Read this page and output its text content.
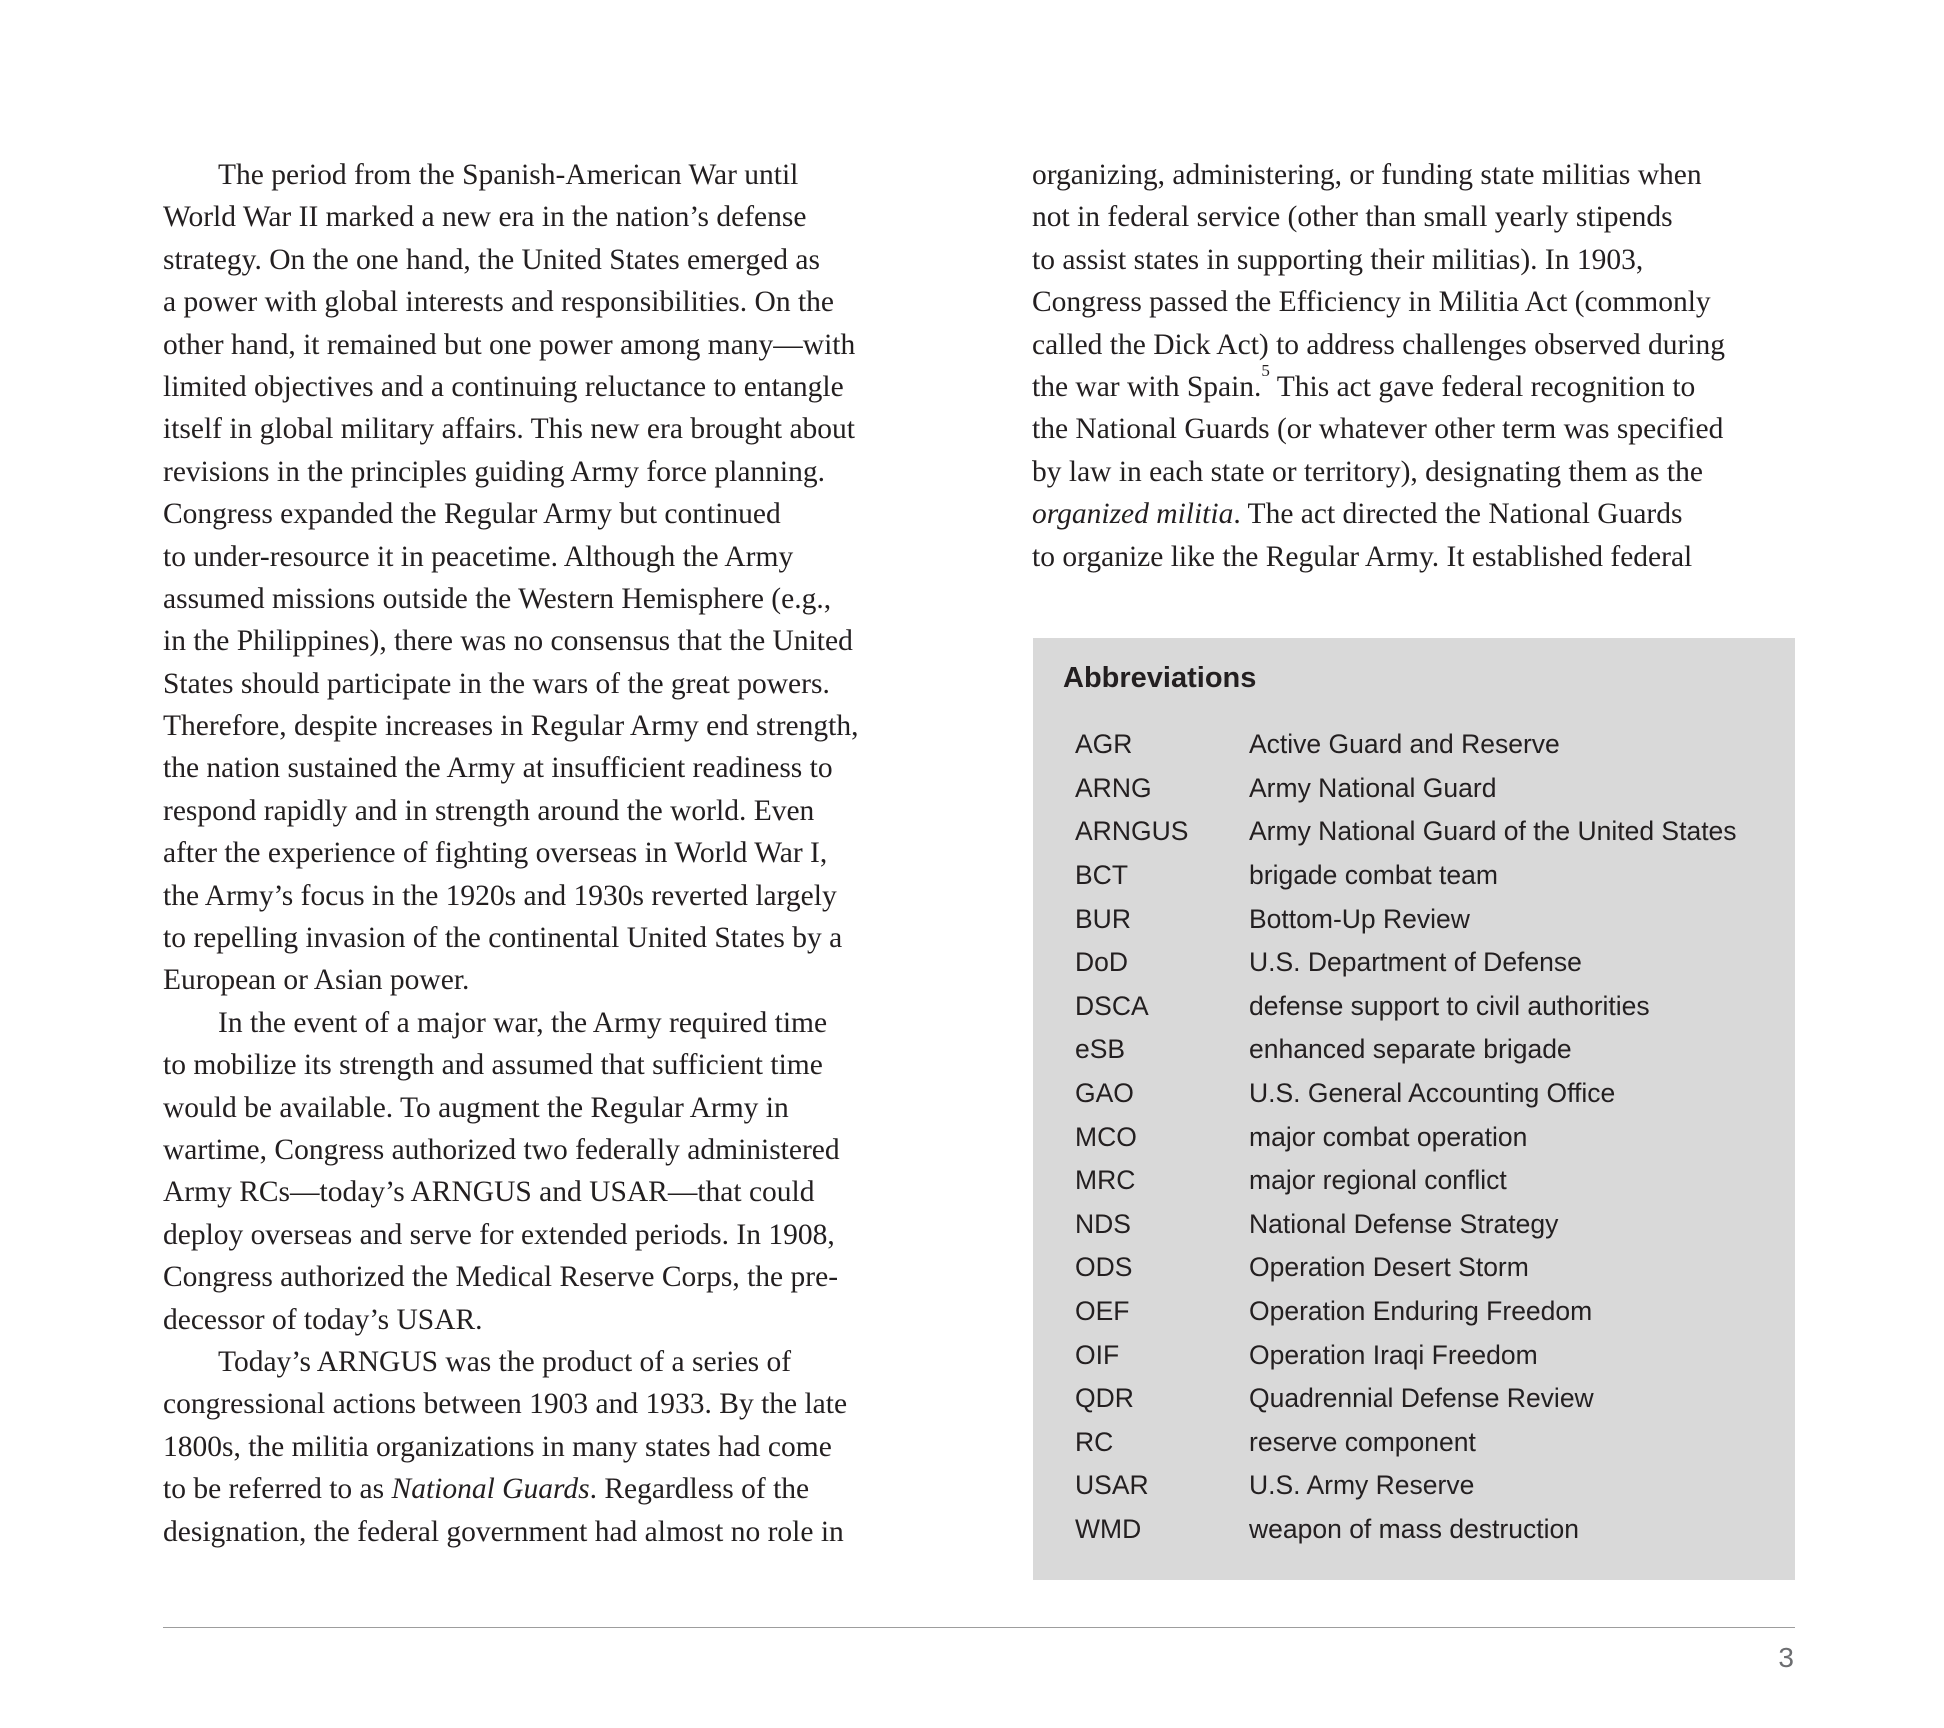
The period from the Spanish-American War until
World War II marked a new era in the nation’s defense
strategy. On the one hand, the United States emerged as
a power with global interests and responsibilities. On the
other hand, it remained but one power among many—with
limited objectives and a continuing reluctance to entangle
itself in global military affairs. This new era brought about
revisions in the principles guiding Army force planning.
Congress expanded the Regular Army but continued
to under-resource it in peacetime. Although the Army
assumed missions outside the Western Hemisphere (e.g.,
in the Philippines), there was no consensus that the United
States should participate in the wars of the great powers.
Therefore, despite increases in Regular Army end strength,
the nation sustained the Army at insufficient readiness to
respond rapidly and in strength around the world. Even
after the experience of fighting overseas in World War I,
the Army’s focus in the 1920s and 1930s reverted largely
to repelling invasion of the continental United States by a
European or Asian power.
In the event of a major war, the Army required time
to mobilize its strength and assumed that sufficient time
would be available. To augment the Regular Army in
wartime, Congress authorized two federally administered
Army RCs—today’s ARNGUS and USAR—that could
deploy overseas and serve for extended periods. In 1908,
Congress authorized the Medical Reserve Corps, the pre-
decessor of today’s USAR.
Today’s ARNGUS was the product of a series of
congressional actions between 1903 and 1933. By the late
1800s, the militia organizations in many states had come
to be referred to as National Guards. Regardless of the
designation, the federal government had almost no role in
organizing, administering, or funding state militias when
not in federal service (other than small yearly stipends
to assist states in supporting their militias). In 1903,
Congress passed the Efficiency in Militia Act (commonly
called the Dick Act) to address challenges observed during
the war with Spain.$^5$ This act gave federal recognition to
the National Guards (or whatever other term was specified
by law in each state or territory), designating them as the
organized militia. The act directed the National Guards
to organize like the Regular Army. It established federal
Abbreviations
AGR	Active Guard and Reserve
ARNG	Army National Guard
ARNGUS	Army National Guard of the United States
BCT	brigade combat team
BUR	Bottom-Up Review
DoD	U.S. Department of Defense
DSCA	defense support to civil authorities
eSB	enhanced separate brigade
GAO	U.S. General Accounting Office
MCO	major combat operation
MRC	major regional conflict
NDS	National Defense Strategy
ODS	Operation Desert Storm
OEF	Operation Enduring Freedom
OIF	Operation Iraqi Freedom
QDR	Quadrennial Defense Review
RC	reserve component
USAR	U.S. Army Reserve
WMD	weapon of mass destruction
3
